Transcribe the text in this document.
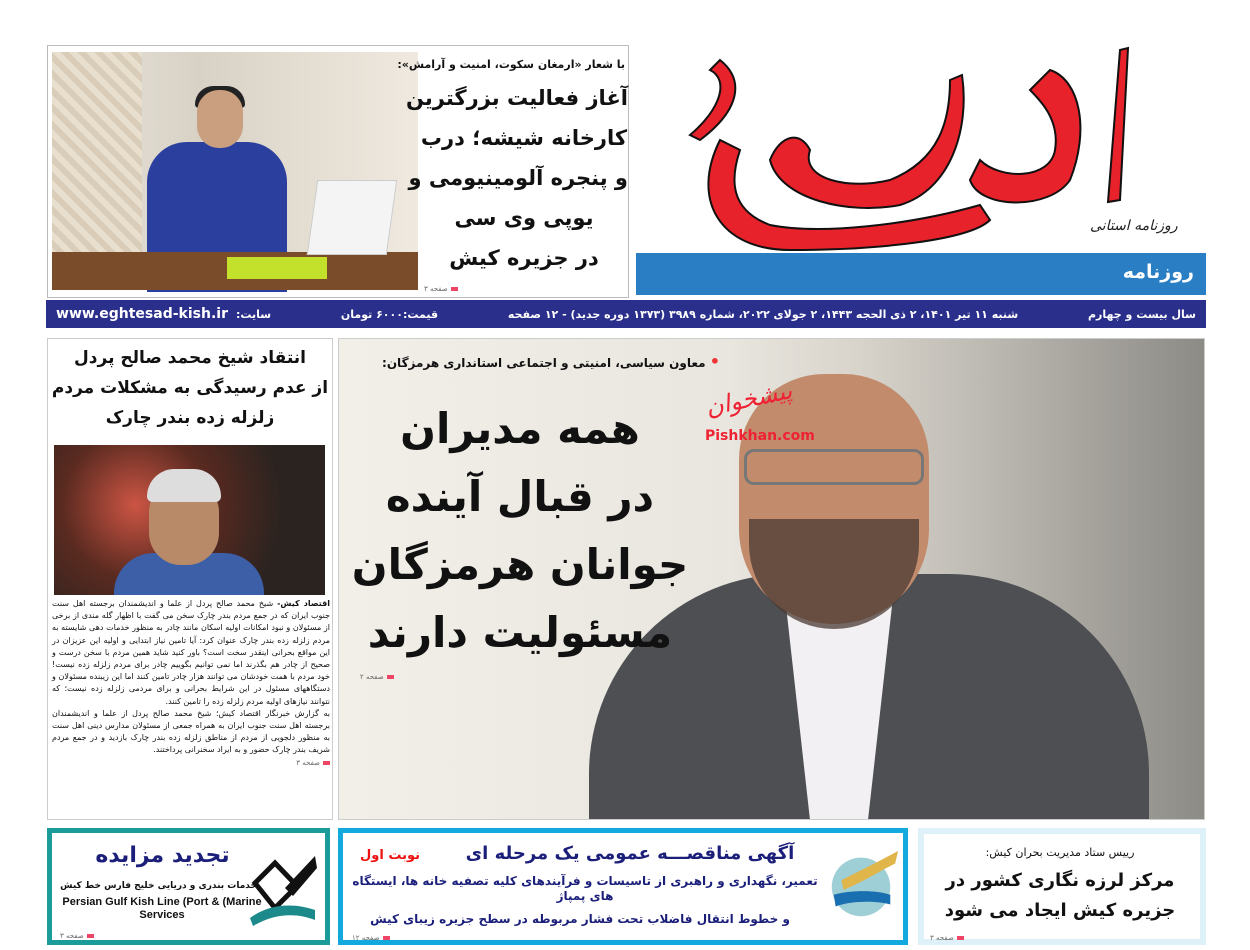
با شعار «ارمغان سکوت، امنیت و آرامش»:
آغاز فعالیت بزرگترین
کارخانه شیشه؛ درب
و پنجره آلومینیومی و
یوپی وی سی
در جزیره کیش
صفحه ۳
روزنامه استانی
روزنامه
سال بیست و چهارم
شنبه ۱۱ تیر ۱۴۰۱، ۲ ذی الحجه ۱۴۴۳، ۲ جولای ۲۰۲۲، شماره ۳۹۸۹ (۱۳۷۳ دوره جدید) - ۱۲ صفحه
قیمت:۶۰۰۰ تومان
سایت:
www.eghtesad-kish.ir
انتقاد شیخ محمد صالح پردل
از عدم رسیدگی به مشکلات مردم
زلزله زده بندر چارک

اقتصاد کیش- شیخ محمد صالح پردل از علما و اندیشمندان برجسته اهل سنت جنوب ایران که در جمع مردم بندر چارک سخن می گفت با اظهار گله مندی از برخی از مسئولان و نبود امکانات اولیه اسکان مانند چادر به منظور خدمات دهی شایسته به مردم زلزله زده بندر چارک عنوان کرد: آیا تامین نیاز ابتدایی و اولیه این عزیزان در این مواقع بحرانی اینقدر سخت است؟ باور کنید شاید همین مردم با سخن درست و صحیح از چادر هم بگذرند اما نمی توانیم بگوییم چادر برای مردم زلزله زده نیست! خود مردم با همت خودشان می توانند هزار چادر تامین کنند اما این زیبنده مسئولان و دستگاههای مسئول در این شرایط بحرانی و برای مردمی زلزله زده نیست؛ که نتوانند نیازهای اولیه مردم زلزله زده را تامین کنند.

به گزارش خبرنگار اقتصاد کیش؛ شیخ محمد صالح پردل از علما و اندیشمندان برجسته اهل سنت جنوب ایران به همراه جمعی از مسئولان مدارس دینی اهل سنت به منظور دلجویی از مردم از مناطق زلزله زده بندر چارک بازدید و در جمع مردم شریف بندر چارک حضور و به ایراد سخنرانی پرداختند.

صفحه ۳
• معاون سیاسی، امنیتی و اجتماعی استانداری هرمزگان:
پیشخوان
Pishkhan.com
همه مدیران
در قبال آینده
جوانان هرمزگان
مسئولیت دارند
صفحه ۲
تجدید مزایده
خدمات بندری و دریایی خلیج فارس خط کیش
Persian Gulf Kish Line (Port & (Marine Services
صفحه ۳
آگهی مناقصـــه عمومی یک مرحله ای
نوبت اول
تعمیر، نگهداری و راهبری از تاسیسات و فرآیندهای کلیه تصفیه خانه ها، ایستگاه های پمپاژ
و خطوط انتقال فاضلاب تحت فشار مربوطه در سطح جزیره زیبای کیش
صفحه ۱۲
رییس ستاد مدیریت بحران کیش:
مرکز لرزه نگاری کشور در جزیره کیش ایجاد می شود
صفحه ۳
